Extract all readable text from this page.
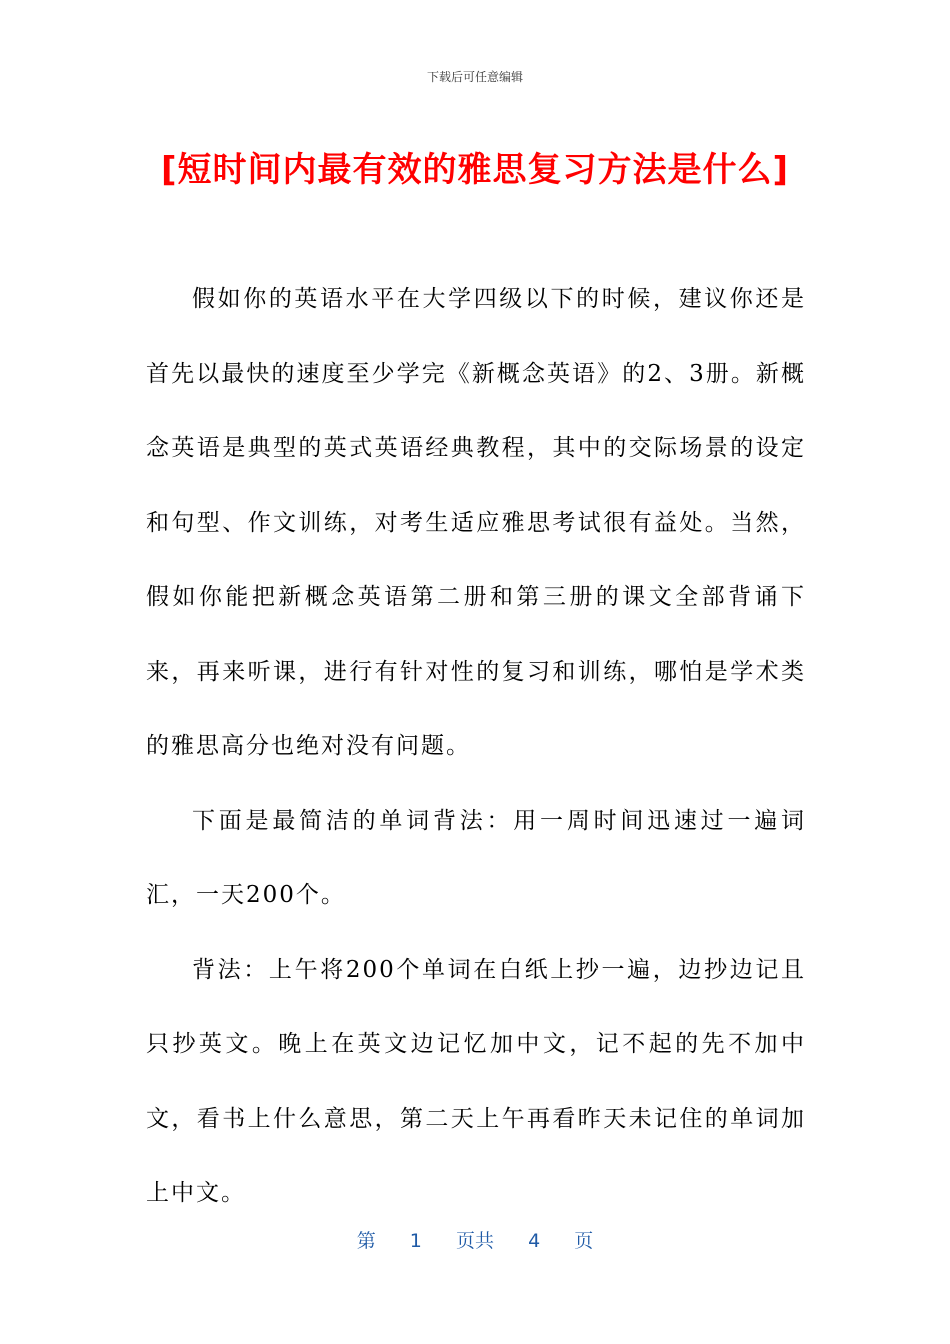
下载后可任意编辑
[短时间内最有效的雅思复习方法是什么]

假如你的英语水平在大学四级以下的时候，建议你还是首先以最快的速度至少学完《新概念英语》的2、3册。新概念英语是典型的英式英语经典教程，其中的交际场景的设定和句型、作文训练，对考生适应雅思考试很有益处。当然，假如你能把新概念英语第二册和第三册的课文全部背诵下来，再来听课，进行有针对性的复习和训练，哪怕是学术类的雅思高分也绝对没有问题。

下面是最简洁的单词背法：用一周时间迅速过一遍词汇，一天200个。

背法：上午将200个单词在白纸上抄一遍，边抄边记且只抄英文。晚上在英文边记忆加中文，记不起的先不加中文，看书上什么意思，第二天上午再看昨天未记住的单词加上中文。

第 1 页共 4 页
